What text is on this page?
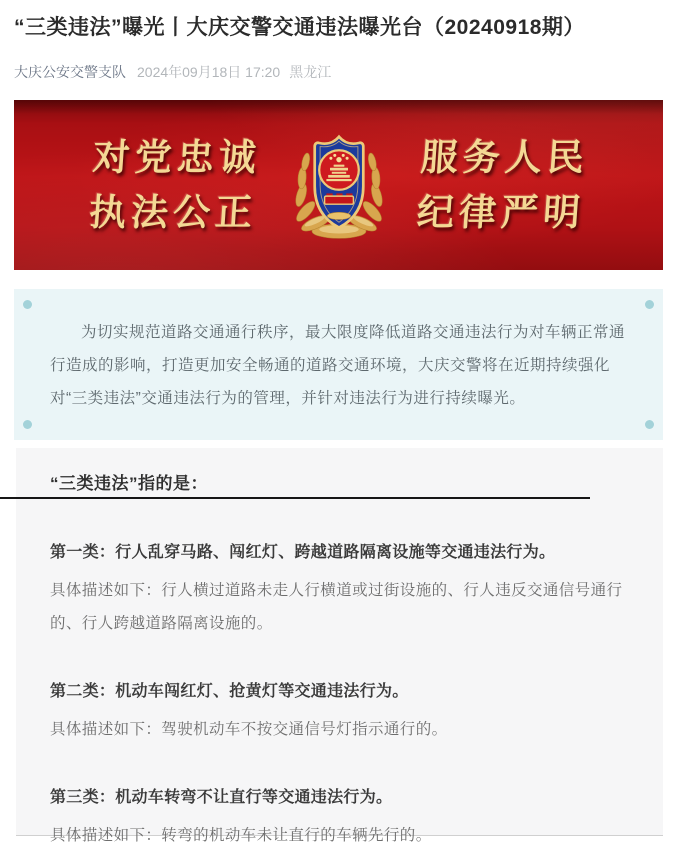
“三类违法”曝光丨大庆交警交通违法曝光台（20240918期）
大庆公安交警支队 2024年09月18日 17:20 黑龙江
对党忠诚
执法公正
服务人民
纪律严明

为切实规范道路交通通行秩序，最大限度降低道路交通违法行为对车辆正常通行造成的影响，打造更加安全畅通的道路交通环境，大庆交警将在近期持续强化对“三类违法”交通违法行为的管理，并针对违法行为进行持续曝光。

“三类违法”指的是：
第一类：行人乱穿马路、闯红灯、跨越道路隔离设施等交通违法行为。
具体描述如下：行人横过道路未走人行横道或过街设施的、行人违反交通信号通行的、行人跨越道路隔离设施的。
第二类：机动车闯红灯、抢黄灯等交通违法行为。
具体描述如下：驾驶机动车不按交通信号灯指示通行的。
第三类：机动车转弯不让直行等交通违法行为。
具体描述如下：转弯的机动车未让直行的车辆先行的。
